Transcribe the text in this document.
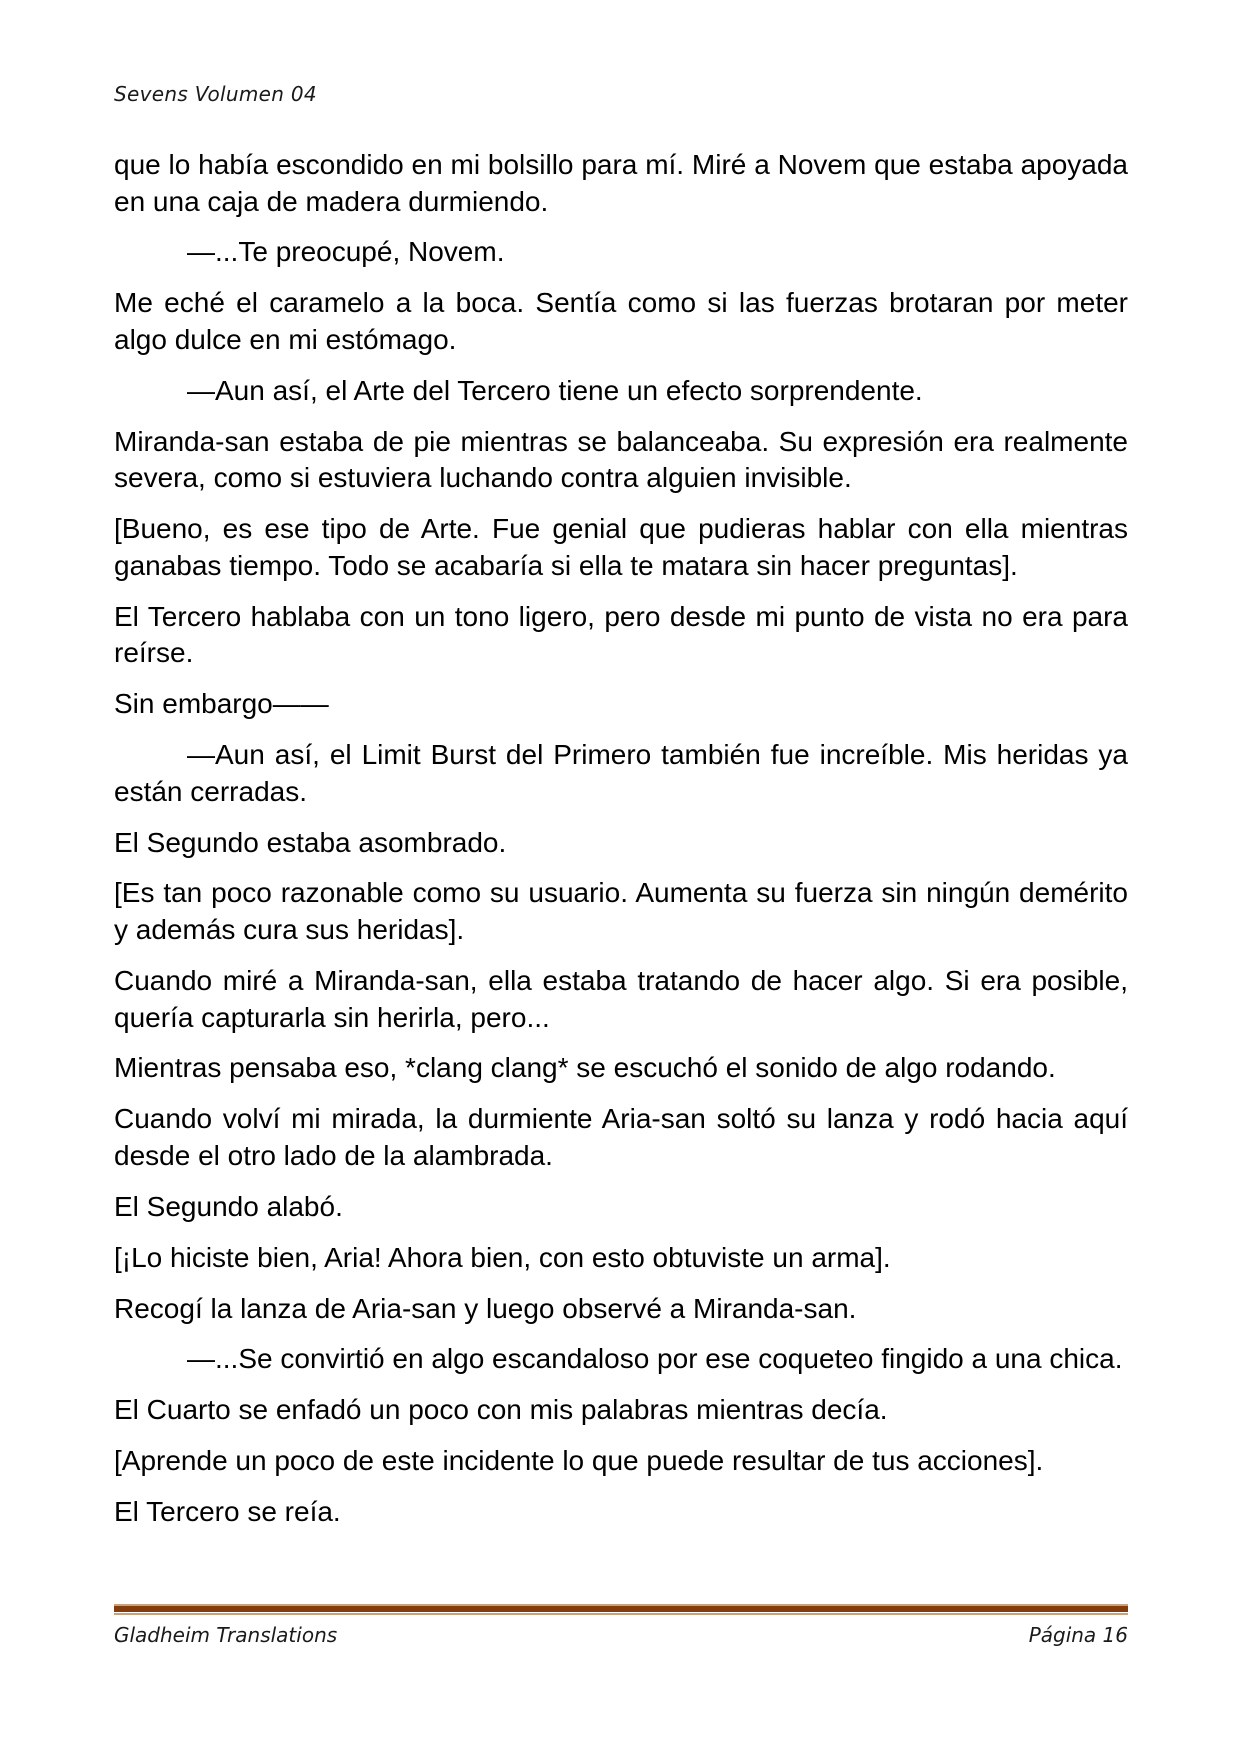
Sevens Volumen 04

que lo había escondido en mi bolsillo para mí. Miré a Novem que estaba apoyada en una caja de madera durmiendo.

—...Te preocupé, Novem.

Me eché el caramelo a la boca. Sentía como si las fuerzas brotaran por meter algo dulce en mi estómago.

—Aun así, el Arte del Tercero tiene un efecto sorprendente.

Miranda-san estaba de pie mientras se balanceaba. Su expresión era realmente severa, como si estuviera luchando contra alguien invisible.

[Bueno, es ese tipo de Arte. Fue genial que pudieras hablar con ella mientras ganabas tiempo. Todo se acabaría si ella te matara sin hacer preguntas].

El Tercero hablaba con un tono ligero, pero desde mi punto de vista no era para reírse.

Sin embargo——

—Aun así, el Limit Burst del Primero también fue increíble. Mis heridas ya están cerradas.

El Segundo estaba asombrado.

[Es tan poco razonable como su usuario. Aumenta su fuerza sin ningún demérito y además cura sus heridas].

Cuando miré a Miranda-san, ella estaba tratando de hacer algo. Si era posible, quería capturarla sin herirla, pero...

Mientras pensaba eso, *clang clang* se escuchó el sonido de algo rodando.

Cuando volví mi mirada, la durmiente Aria-san soltó su lanza y rodó hacia aquí desde el otro lado de la alambrada.

El Segundo alabó.

[¡Lo hiciste bien, Aria! Ahora bien, con esto obtuviste un arma].

Recogí la lanza de Aria-san y luego observé a Miranda-san.

—...Se convirtió en algo escandaloso por ese coqueteo fingido a una chica.

El Cuarto se enfadó un poco con mis palabras mientras decía.

[Aprende un poco de este incidente lo que puede resultar de tus acciones].

El Tercero se reía.

Gladheim Translations	Página 16
